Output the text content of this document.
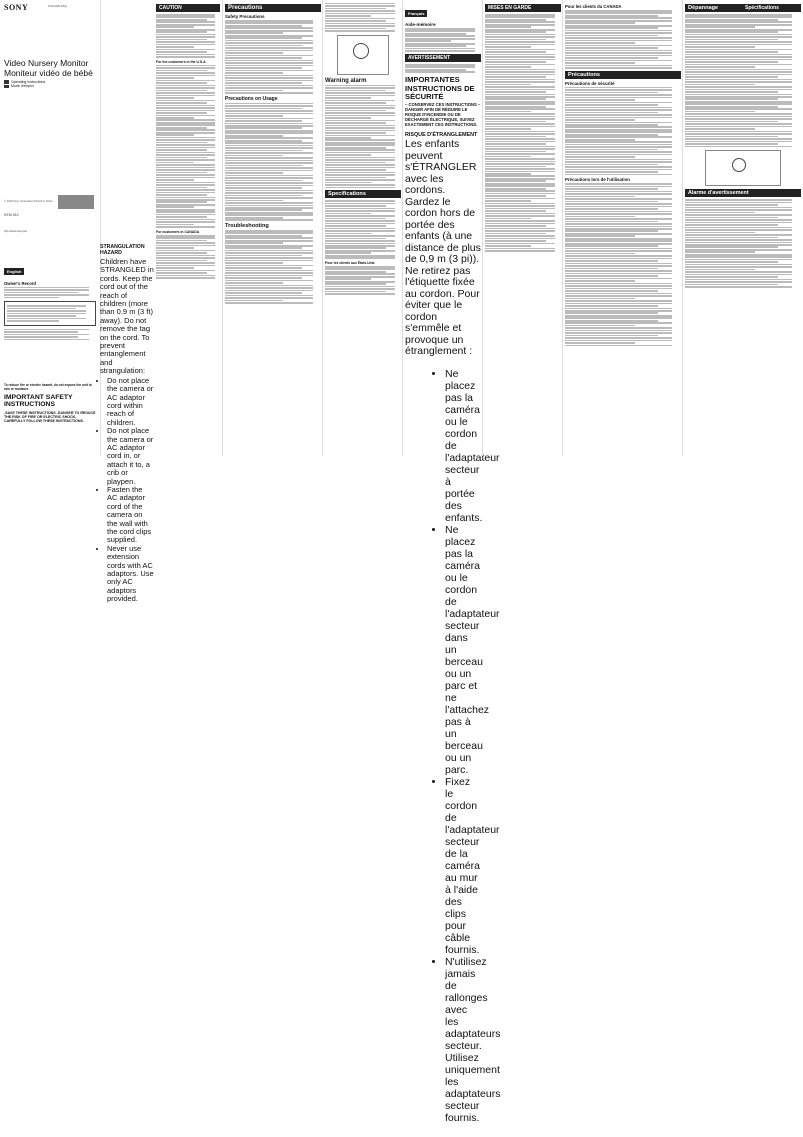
SONY	5-014-625-13(2)
Video Nursery Monitor
Moniteur vidéo de bébé
Operating Instructions
Mode d'emploi
© 2019 Sony Corporation Printed in China
NTM-910
http://www.sony.net/
English
Owner's Record
To reduce fire or electric hazard, do not expose the unit to rain or moisture.
IMPORTANT SAFETY INSTRUCTIONS
-SAVE THESE INSTRUCTIONS -DANGER TO REDUCE THE RISK OF FIRE OR ELECTRIC SHOCK, CAREFULLY FOLLOW THESE INSTRUCTIONS.
STRANGULATION HAZARD
Children have STRANGLED in cords. Keep the cord out of the reach of children (more than 0.9 m (3 ft) away). Do not remove the tag on the cord. To prevent entanglement and strangulation:
• Do not place the camera or AC adaptor cord within reach of children.
• Do not place the camera or AC adaptor cord in, or attach it to, a crib or playpen.
• Fasten the AC adaptor cord of the camera on the wall with the cord clips supplied.
• Never use extension cords with AC adaptors. Use only AC adaptors provided.
CAUTION
For the customers in the U.S.A.
For customers in CANADA
Precautions
Safety Precautions
Precautions on Usage
Troubleshooting
Warning alarm
Specifications
Pour les clients aux États-Unis
Français
Aide-mémoire
AVERTISSEMENT
IMPORTANTES INSTRUCTIONS DE SÉCURITÉ
– CONSERVEZ CES INSTRUCTIONS – DANGER AFIN DE RÉDUIRE LE RISQUE D'INCENDIE OU DE DÉCHARGE ÉLECTRIQUE, SUIVEZ EXACTEMENT CES INSTRUCTIONS.
RISQUE D'ÉTRANGLEMENT
Les enfants peuvent s'ÉTRANGLER avec les cordons. Gardez le cordon hors de portée des enfants (à une distance de plus de 0,9 m (3 pi)). Ne retirez pas l'étiquette fixée au cordon. Pour éviter que le cordon s'emmêle et provoque un étranglement :
• Ne placez pas la caméra ou le cordon de l'adaptateur secteur à portée des enfants.
• Ne placez pas la caméra ou le cordon de l'adaptateur secteur dans un berceau ou un parc et ne l'attachez pas à un berceau ou un parc.
• Fixez le cordon de l'adaptateur secteur de la caméra au mur à l'aide des clips pour câble fournis.
• N'utilisez jamais de rallonges avec les adaptateurs secteur. Utilisez uniquement les adaptateurs secteur fournis.
MISES EN GARDE	Pour les clients du CANADA
Précautions
Précautions de sécurité
Précautions lors de l'utilisation
Dépannage
Alarme d'avertissement
Spécifications
